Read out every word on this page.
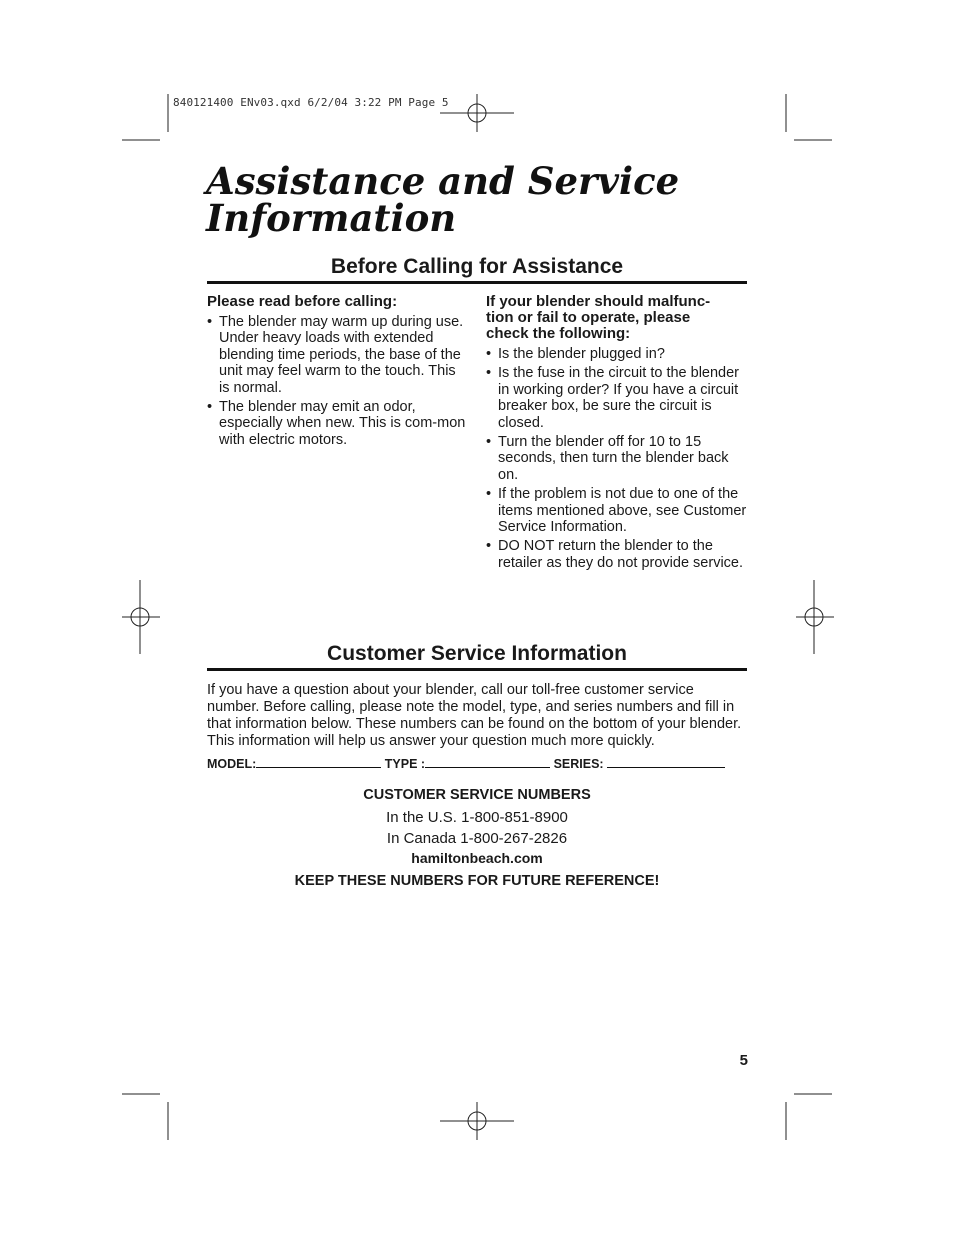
840121400 ENv03.qxd 6/2/04 3:22 PM Page 5
Assistance and Service
Information
Before Calling for Assistance

Please read before calling:

• The blender may warm up during use. Under heavy loads with extended blending time periods, the base of the unit may feel warm to the touch. This is normal.
• The blender may emit an odor, especially when new. This is com-mon with electric motors.

If your blender should malfunc-
tion or fail to operate, please
check the following:

• Is the blender plugged in?
• Is the fuse in the circuit to the blender in working order? If you have a circuit breaker box, be sure the circuit is closed.
• Turn the blender off for 10 to 15 seconds, then turn the blender back on.
• If the problem is not due to one of the items mentioned above, see Customer Service Information.
• DO NOT return the blender to the retailer as they do not provide service.
Customer Service Information

If you have a question about your blender, call our toll-free customer service number. Before calling, please note the model, type, and series numbers and fill in that information below. These numbers can be found on the bottom of your blender. This information will help us answer your question much more quickly.

MODEL:	TYPE :	SERIES:

CUSTOMER SERVICE NUMBERS

In the U.S. 1-800-851-8900

In Canada 1-800-267-2826

hamiltonbeach.com

KEEP THESE NUMBERS FOR FUTURE REFERENCE!

5
